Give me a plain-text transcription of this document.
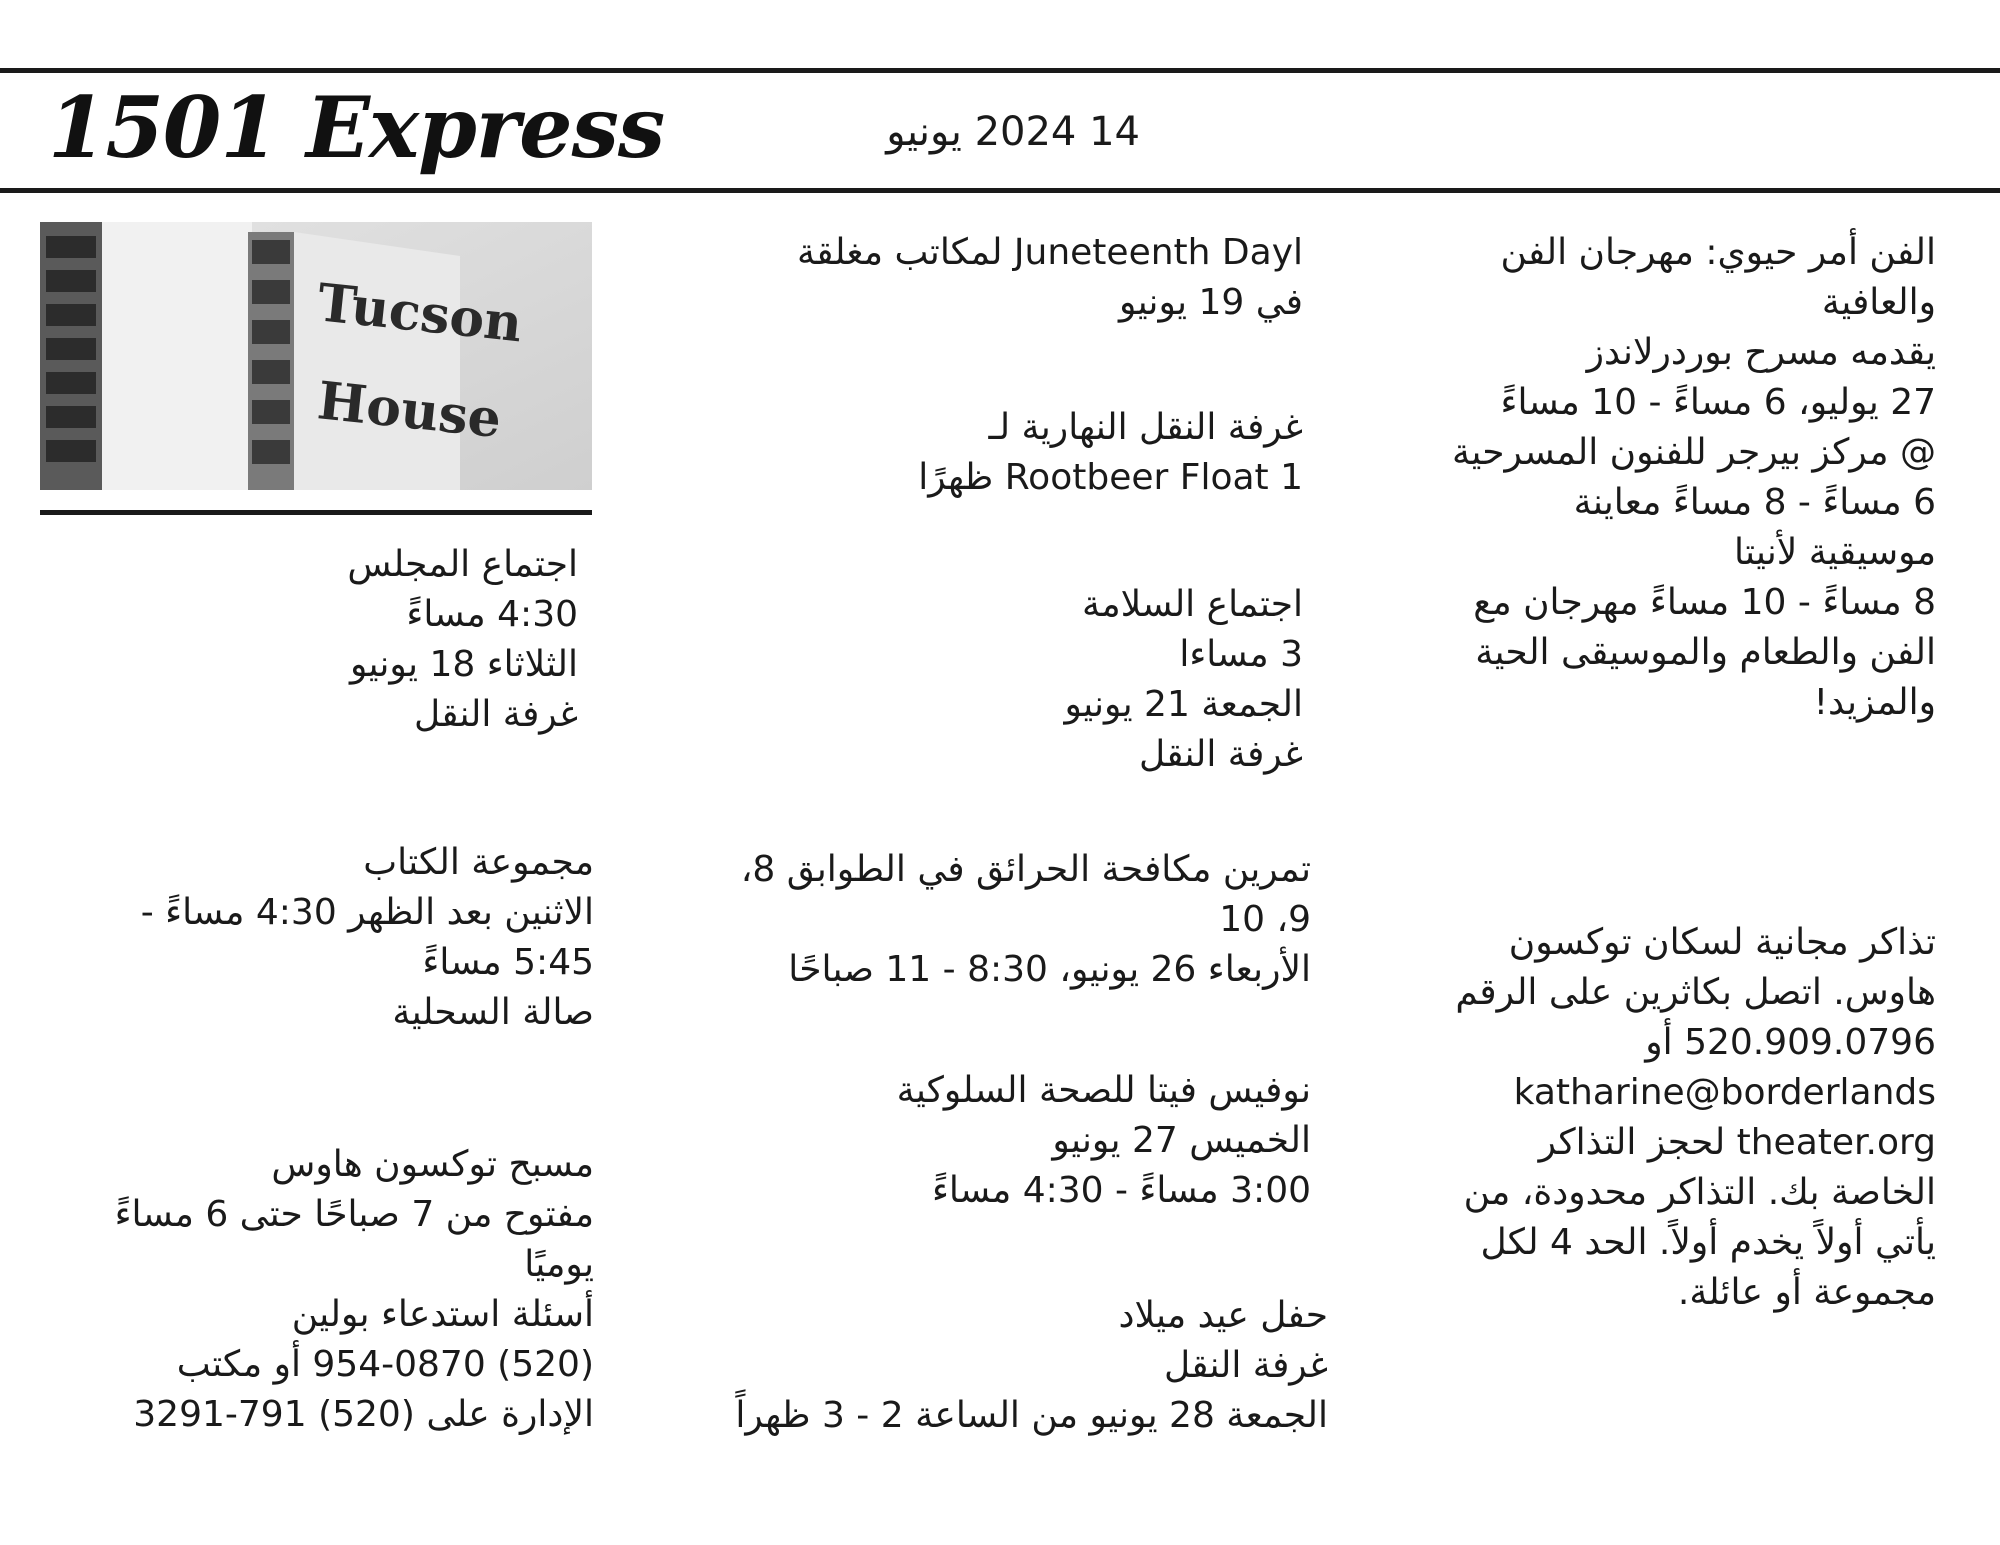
1501 Express	14 2024 يونيو

Tucson
House

الفن أمر حيوي: مهرجان الفن

والعافية

يقدمه مسرح بوردرلاندز

27 يوليو، 6 مساءً - 10 مساءً

@ مركز بيرجر للفنون المسرحية

6 مساءً - 8 مساءً معاينة

موسيقية لأنيتا

8 مساءً - 10 مساءً مهرجان مع

الفن والطعام والموسيقى الحية

والمزيد!

تذاكر مجانية لسكان توكسون

هاوس. اتصل بكاثرين على الرقم

520.909.0796 أو

katharine@borderlands

theater.org لحجز التذاكر

الخاصة بك. التذاكر محدودة، من

يأتي أولاً يخدم أولاً. الحد 4 لكل

مجموعة أو عائلة.

Juneteenth Dayl لمكاتب مغلقة

في 19 يونيو

غرفة النقل النهارية لـ

Rootbeer Float 1 ظهرًا

اجتماع السلامة

3 مساءا

الجمعة 21 يونيو

غرفة النقل

تمرين مكافحة الحرائق في الطوابق 8،

9، 10

الأربعاء 26 يونيو، 8:30 - 11 صباحًا

نوفيس فيتا للصحة السلوكية

الخميس 27 يونيو

3:00 مساءً - 4:30 مساءً

حفل عيد ميلاد

غرفة النقل

الجمعة 28 يونيو من الساعة 2 - 3 ظهراً

اجتماع المجلس

4:30 مساءً

الثلاثاء 18 يونيو

غرفة النقل

مجموعة الكتاب

الاثنين بعد الظهر 4:30 مساءً -

5:45 مساءً

صالة السحلية

مسبح توكسون هاوس

مفتوح من 7 صباحًا حتى 6 مساءً

يوميًا

أسئلة استدعاء بولين

(520) 954-0870 أو مكتب

الإدارة على (520) 791-3291
